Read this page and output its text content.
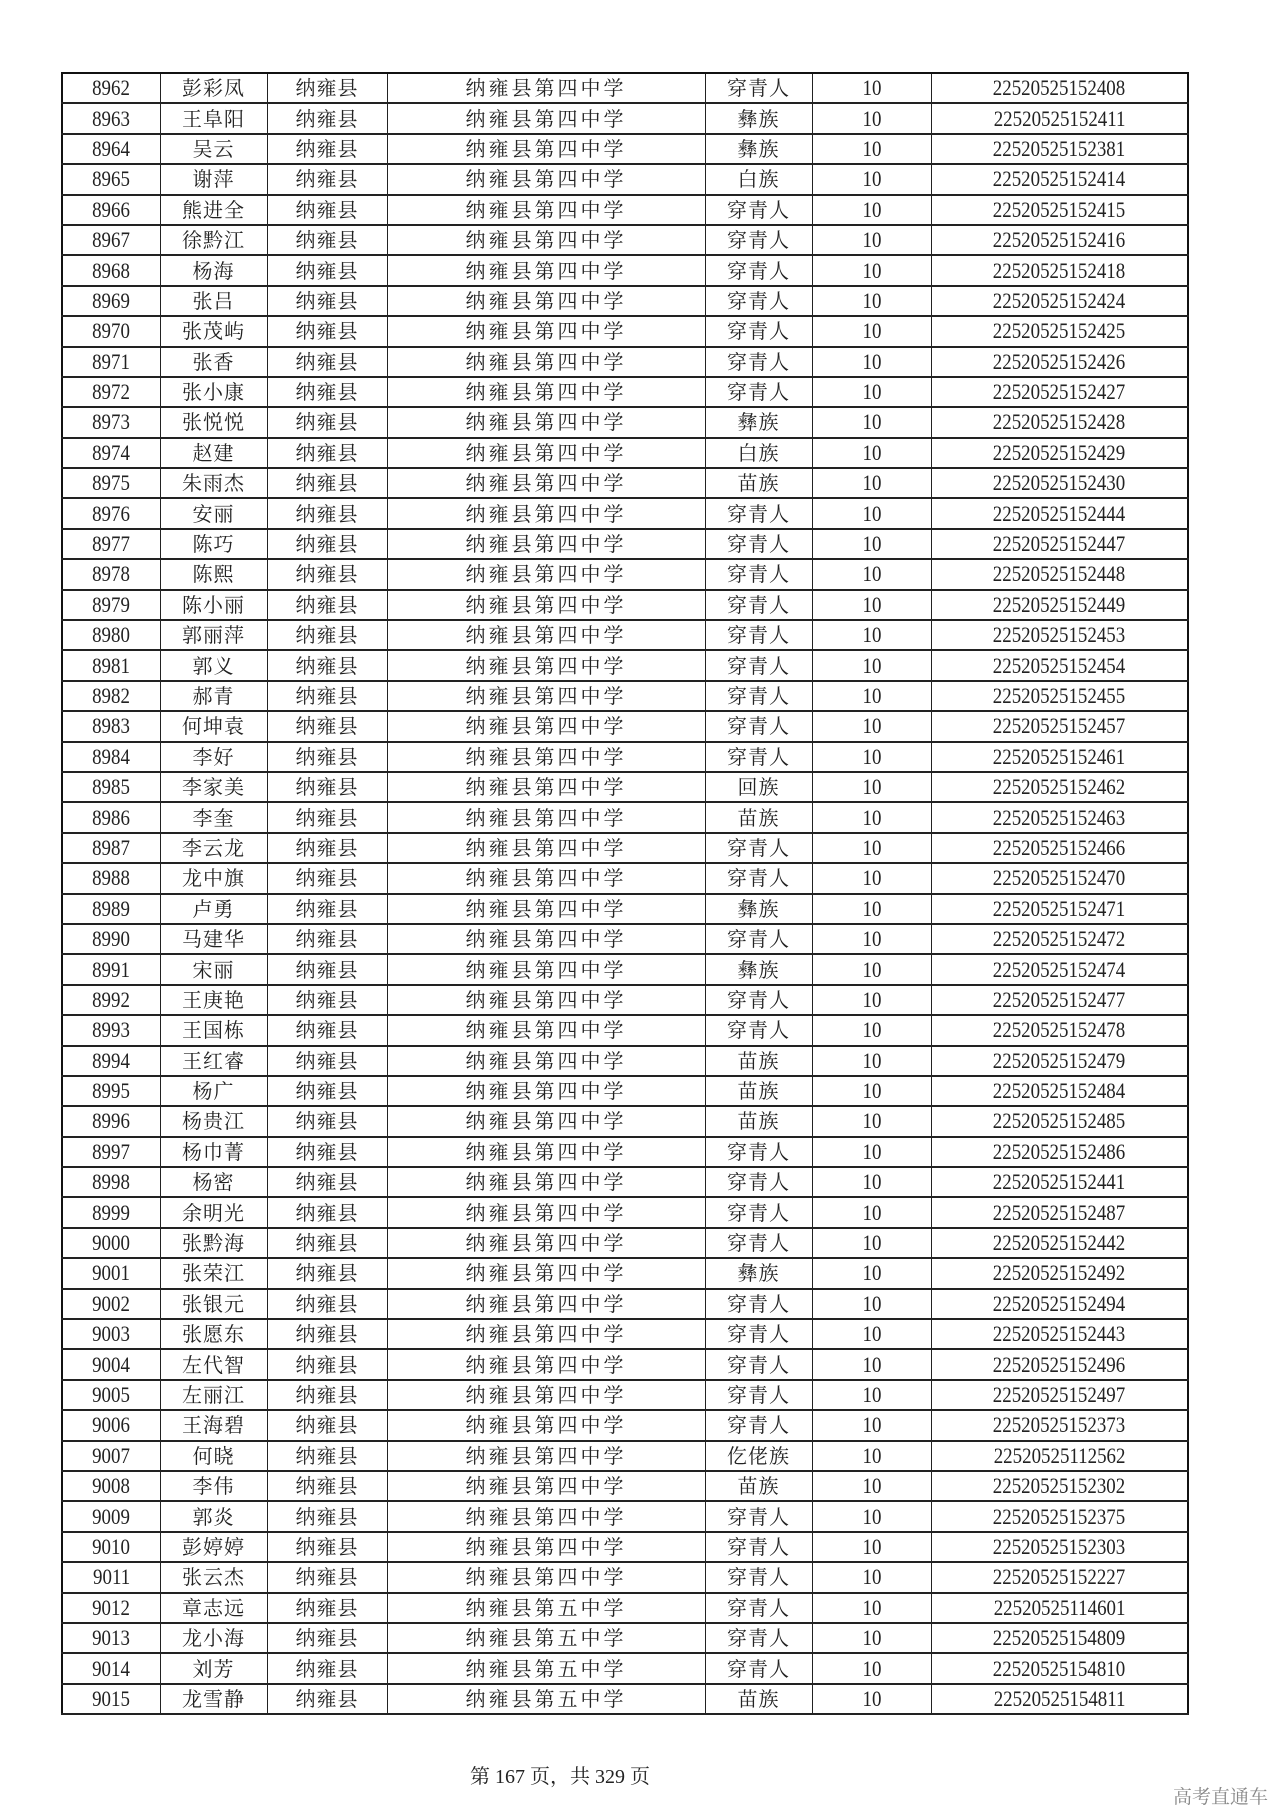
8962	彭彩凤	纳雍县	纳雍县第四中学	穿青人	10	22520525152408
8963	王阜阳	纳雍县	纳雍县第四中学	彝族	10	22520525152411
8964	吴云	纳雍县	纳雍县第四中学	彝族	10	22520525152381
8965	谢萍	纳雍县	纳雍县第四中学	白族	10	22520525152414
8966	熊进全	纳雍县	纳雍县第四中学	穿青人	10	22520525152415
8967	徐黔江	纳雍县	纳雍县第四中学	穿青人	10	22520525152416
8968	杨海	纳雍县	纳雍县第四中学	穿青人	10	22520525152418
8969	张吕	纳雍县	纳雍县第四中学	穿青人	10	22520525152424
8970	张茂屿	纳雍县	纳雍县第四中学	穿青人	10	22520525152425
8971	张香	纳雍县	纳雍县第四中学	穿青人	10	22520525152426
8972	张小康	纳雍县	纳雍县第四中学	穿青人	10	22520525152427
8973	张悦悦	纳雍县	纳雍县第四中学	彝族	10	22520525152428
8974	赵建	纳雍县	纳雍县第四中学	白族	10	22520525152429
8975	朱雨杰	纳雍县	纳雍县第四中学	苗族	10	22520525152430
8976	安丽	纳雍县	纳雍县第四中学	穿青人	10	22520525152444
8977	陈巧	纳雍县	纳雍县第四中学	穿青人	10	22520525152447
8978	陈熙	纳雍县	纳雍县第四中学	穿青人	10	22520525152448
8979	陈小丽	纳雍县	纳雍县第四中学	穿青人	10	22520525152449
8980	郭丽萍	纳雍县	纳雍县第四中学	穿青人	10	22520525152453
8981	郭义	纳雍县	纳雍县第四中学	穿青人	10	22520525152454
8982	郝青	纳雍县	纳雍县第四中学	穿青人	10	22520525152455
8983	何坤袁	纳雍县	纳雍县第四中学	穿青人	10	22520525152457
8984	李好	纳雍县	纳雍县第四中学	穿青人	10	22520525152461
8985	李家美	纳雍县	纳雍县第四中学	回族	10	22520525152462
8986	李奎	纳雍县	纳雍县第四中学	苗族	10	22520525152463
8987	李云龙	纳雍县	纳雍县第四中学	穿青人	10	22520525152466
8988	龙中旗	纳雍县	纳雍县第四中学	穿青人	10	22520525152470
8989	卢勇	纳雍县	纳雍县第四中学	彝族	10	22520525152471
8990	马建华	纳雍县	纳雍县第四中学	穿青人	10	22520525152472
8991	宋丽	纳雍县	纳雍县第四中学	彝族	10	22520525152474
8992	王庚艳	纳雍县	纳雍县第四中学	穿青人	10	22520525152477
8993	王国栋	纳雍县	纳雍县第四中学	穿青人	10	22520525152478
8994	王红睿	纳雍县	纳雍县第四中学	苗族	10	22520525152479
8995	杨广	纳雍县	纳雍县第四中学	苗族	10	22520525152484
8996	杨贵江	纳雍县	纳雍县第四中学	苗族	10	22520525152485
8997	杨巾菁	纳雍县	纳雍县第四中学	穿青人	10	22520525152486
8998	杨密	纳雍县	纳雍县第四中学	穿青人	10	22520525152441
8999	余明光	纳雍县	纳雍县第四中学	穿青人	10	22520525152487
9000	张黔海	纳雍县	纳雍县第四中学	穿青人	10	22520525152442
9001	张荣江	纳雍县	纳雍县第四中学	彝族	10	22520525152492
9002	张银元	纳雍县	纳雍县第四中学	穿青人	10	22520525152494
9003	张愿东	纳雍县	纳雍县第四中学	穿青人	10	22520525152443
9004	左代智	纳雍县	纳雍县第四中学	穿青人	10	22520525152496
9005	左丽江	纳雍县	纳雍县第四中学	穿青人	10	22520525152497
9006	王海碧	纳雍县	纳雍县第四中学	穿青人	10	22520525152373
9007	何晓	纳雍县	纳雍县第四中学	仡佬族	10	22520525112562
9008	李伟	纳雍县	纳雍县第四中学	苗族	10	22520525152302
9009	郭炎	纳雍县	纳雍县第四中学	穿青人	10	22520525152375
9010	彭婷婷	纳雍县	纳雍县第四中学	穿青人	10	22520525152303
9011	张云杰	纳雍县	纳雍县第四中学	穿青人	10	22520525152227
9012	章志远	纳雍县	纳雍县第五中学	穿青人	10	22520525114601
9013	龙小海	纳雍县	纳雍县第五中学	穿青人	10	22520525154809
9014	刘芳	纳雍县	纳雍县第五中学	穿青人	10	22520525154810
9015	龙雪静	纳雍县	纳雍县第五中学	苗族	10	22520525154811
第 167 页，共 329 页
高考直通车
